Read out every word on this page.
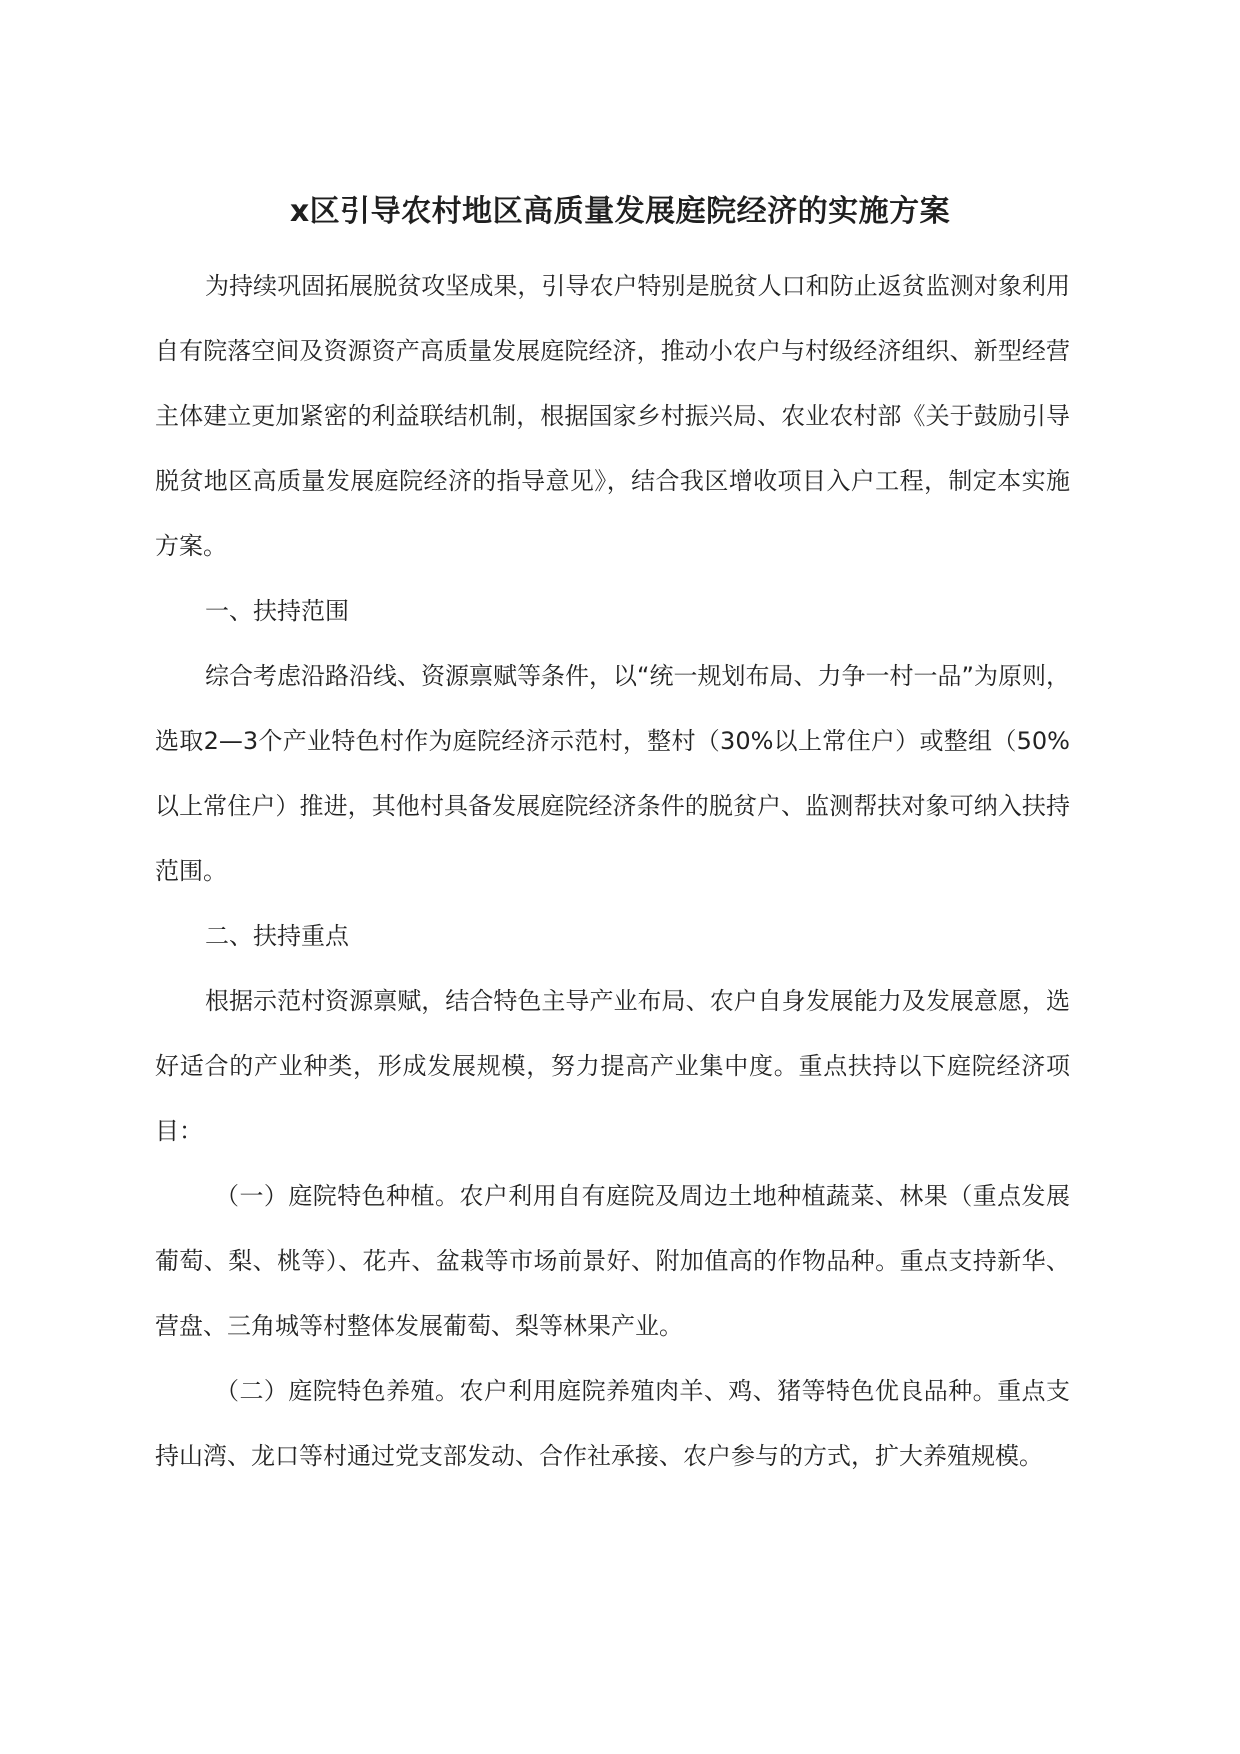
x区引导农村地区高质量发展庭院经济的实施方案

为持续巩固拓展脱贫攻坚成果，引导农户特别是脱贫人口和防止返贫监测对象利用自有院落空间及资源资产高质量发展庭院经济，推动小农户与村级经济组织、新型经营主体建立更加紧密的利益联结机制，根据国家乡村振兴局、农业农村部《关于鼓励引导脱贫地区高质量发展庭院经济的指导意见》，结合我区增收项目入户工程，制定本实施方案。

一、扶持范围

综合考虑沿路沿线、资源禀赋等条件，以“统一规划布局、力争一村一品”为原则，选取2—3个产业特色村作为庭院经济示范村，整村（30%以上常住户）或整组（50%以上常住户）推进，其他村具备发展庭院经济条件的脱贫户、监测帮扶对象可纳入扶持范围。

二、扶持重点

根据示范村资源禀赋，结合特色主导产业布局、农户自身发展能力及发展意愿，选好适合的产业种类，形成发展规模，努力提高产业集中度。重点扶持以下庭院经济项目：

（一）庭院特色种植。农户利用自有庭院及周边土地种植蔬菜、林果（重点发展葡萄、梨、桃等）、花卉、盆栽等市场前景好、附加值高的作物品种。重点支持新华、营盘、三角城等村整体发展葡萄、梨等林果产业。

（二）庭院特色养殖。农户利用庭院养殖肉羊、鸡、猪等特色优良品种。重点支持山湾、龙口等村通过党支部发动、合作社承接、农户参与的方式，扩大养殖规模。
